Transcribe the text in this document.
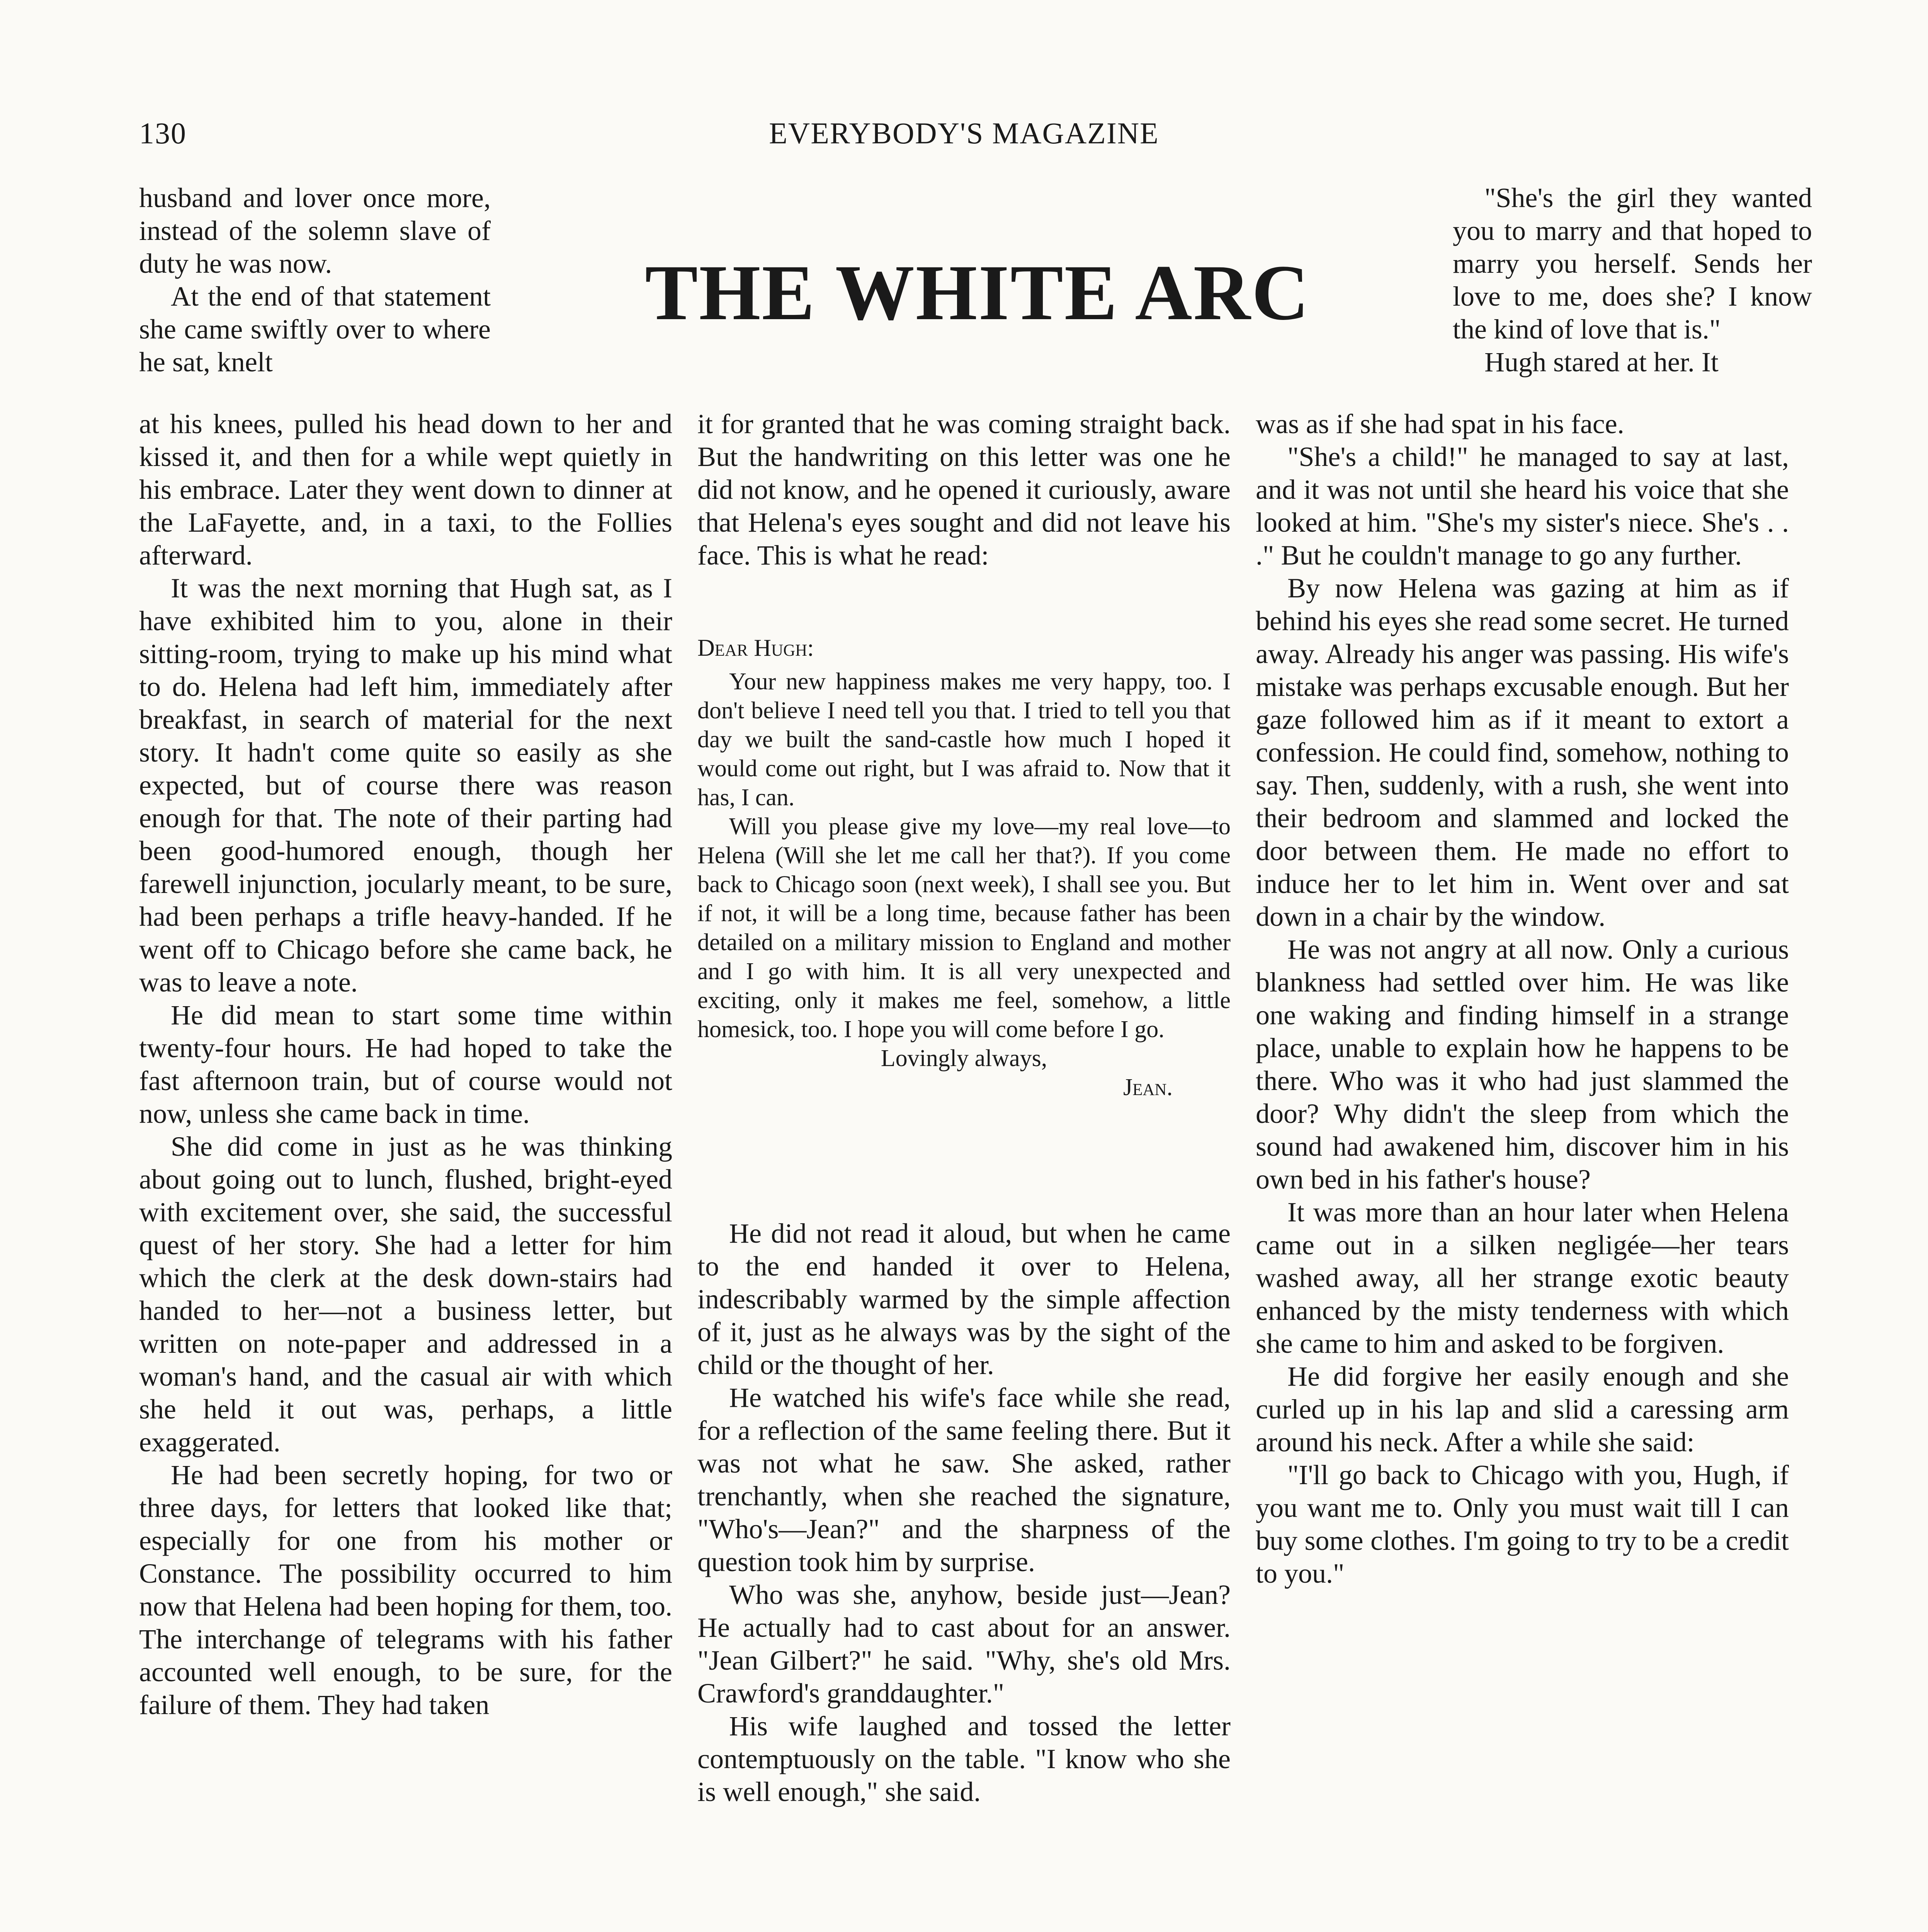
130	EVERYBODY'S MAGAZINE
THE WHITE ARC

husband and lover once more, instead of the solemn slave of duty he was now.

At the end of that statement she came swiftly over to where he sat, knelt

at his knees, pulled his head down to her and kissed it, and then for a while wept quietly in his embrace. Later they went down to dinner at the LaFayette, and, in a taxi, to the Follies afterward.

It was the next morning that Hugh sat, as I have exhibited him to you, alone in their sitting-room, trying to make up his mind what to do. Helena had left him, immediately after breakfast, in search of material for the next story. It hadn't come quite so easily as she expected, but of course there was reason enough for that. The note of their parting had been good-humored enough, though her farewell injunction, jocularly meant, to be sure, had been perhaps a trifle heavy-handed. If he went off to Chicago before she came back, he was to leave a note.

He did mean to start some time within twenty-four hours. He had hoped to take the fast afternoon train, but of course would not now, unless she came back in time.

She did come in just as he was thinking about going out to lunch, flushed, bright-eyed with excitement over, she said, the successful quest of her story. She had a letter for him which the clerk at the desk down-stairs had handed to her—not a business letter, but written on note-paper and addressed in a woman's hand, and the casual air with which she held it out was, perhaps, a little exaggerated.

He had been secretly hoping, for two or three days, for letters that looked like that; especially for one from his mother or Constance. The possibility occurred to him now that Helena had been hoping for them, too. The interchange of telegrams with his father accounted well enough, to be sure, for the failure of them. They had taken

it for granted that he was coming straight back. But the handwriting on this letter was one he did not know, and he opened it curiously, aware that Helena's eyes sought and did not leave his face. This is what he read:

Dear Hugh:

Your new happiness makes me very happy, too. I don't believe I need tell you that. I tried to tell you that day we built the sand-castle how much I hoped it would come out right, but I was afraid to. Now that it has, I can.

Will you please give my love—my real love—to Helena (Will she let me call her that?). If you come back to Chicago soon (next week), I shall see you. But if not, it will be a long time, because father has been detailed on a military mission to England and mother and I go with him. It is all very unexpected and exciting, only it makes me feel, somehow, a little homesick, too. I hope you will come before I go.

Lovingly always,

Jean.

He did not read it aloud, but when he came to the end handed it over to Helena, indescribably warmed by the simple affection of it, just as he always was by the sight of the child or the thought of her.

He watched his wife's face while she read, for a reflection of the same feeling there. But it was not what he saw. She asked, rather trenchantly, when she reached the signature, "Who's—Jean?" and the sharpness of the question took him by surprise.

Who was she, anyhow, beside just—Jean? He actually had to cast about for an answer. "Jean Gilbert?" he said. "Why, she's old Mrs. Crawford's granddaughter."

His wife laughed and tossed the letter contemptuously on the table. "I know who she is well enough," she said.

"She's the girl they wanted you to marry and that hoped to marry you herself. Sends her love to me, does she? I know the kind of love that is."

Hugh stared at her. It

was as if she had spat in his face.

"She's a child!" he managed to say at last, and it was not until she heard his voice that she looked at him. "She's my sister's niece. She's . . ." But he couldn't manage to go any further.

By now Helena was gazing at him as if behind his eyes she read some secret. He turned away. Already his anger was passing. His wife's mistake was perhaps excusable enough. But her gaze followed him as if it meant to extort a confession. He could find, somehow, nothing to say. Then, suddenly, with a rush, she went into their bedroom and slammed and locked the door between them. He made no effort to induce her to let him in. Went over and sat down in a chair by the window.

He was not angry at all now. Only a curious blankness had settled over him. He was like one waking and finding himself in a strange place, unable to explain how he happens to be there. Who was it who had just slammed the door? Why didn't the sleep from which the sound had awakened him, discover him in his own bed in his father's house?

It was more than an hour later when Helena came out in a silken negligée—her tears washed away, all her strange exotic beauty enhanced by the misty tenderness with which she came to him and asked to be forgiven.

He did forgive her easily enough and she curled up in his lap and slid a caressing arm around his neck. After a while she said:

"I'll go back to Chicago with you, Hugh, if you want me to. Only you must wait till I can buy some clothes. I'm going to try to be a credit to you."
